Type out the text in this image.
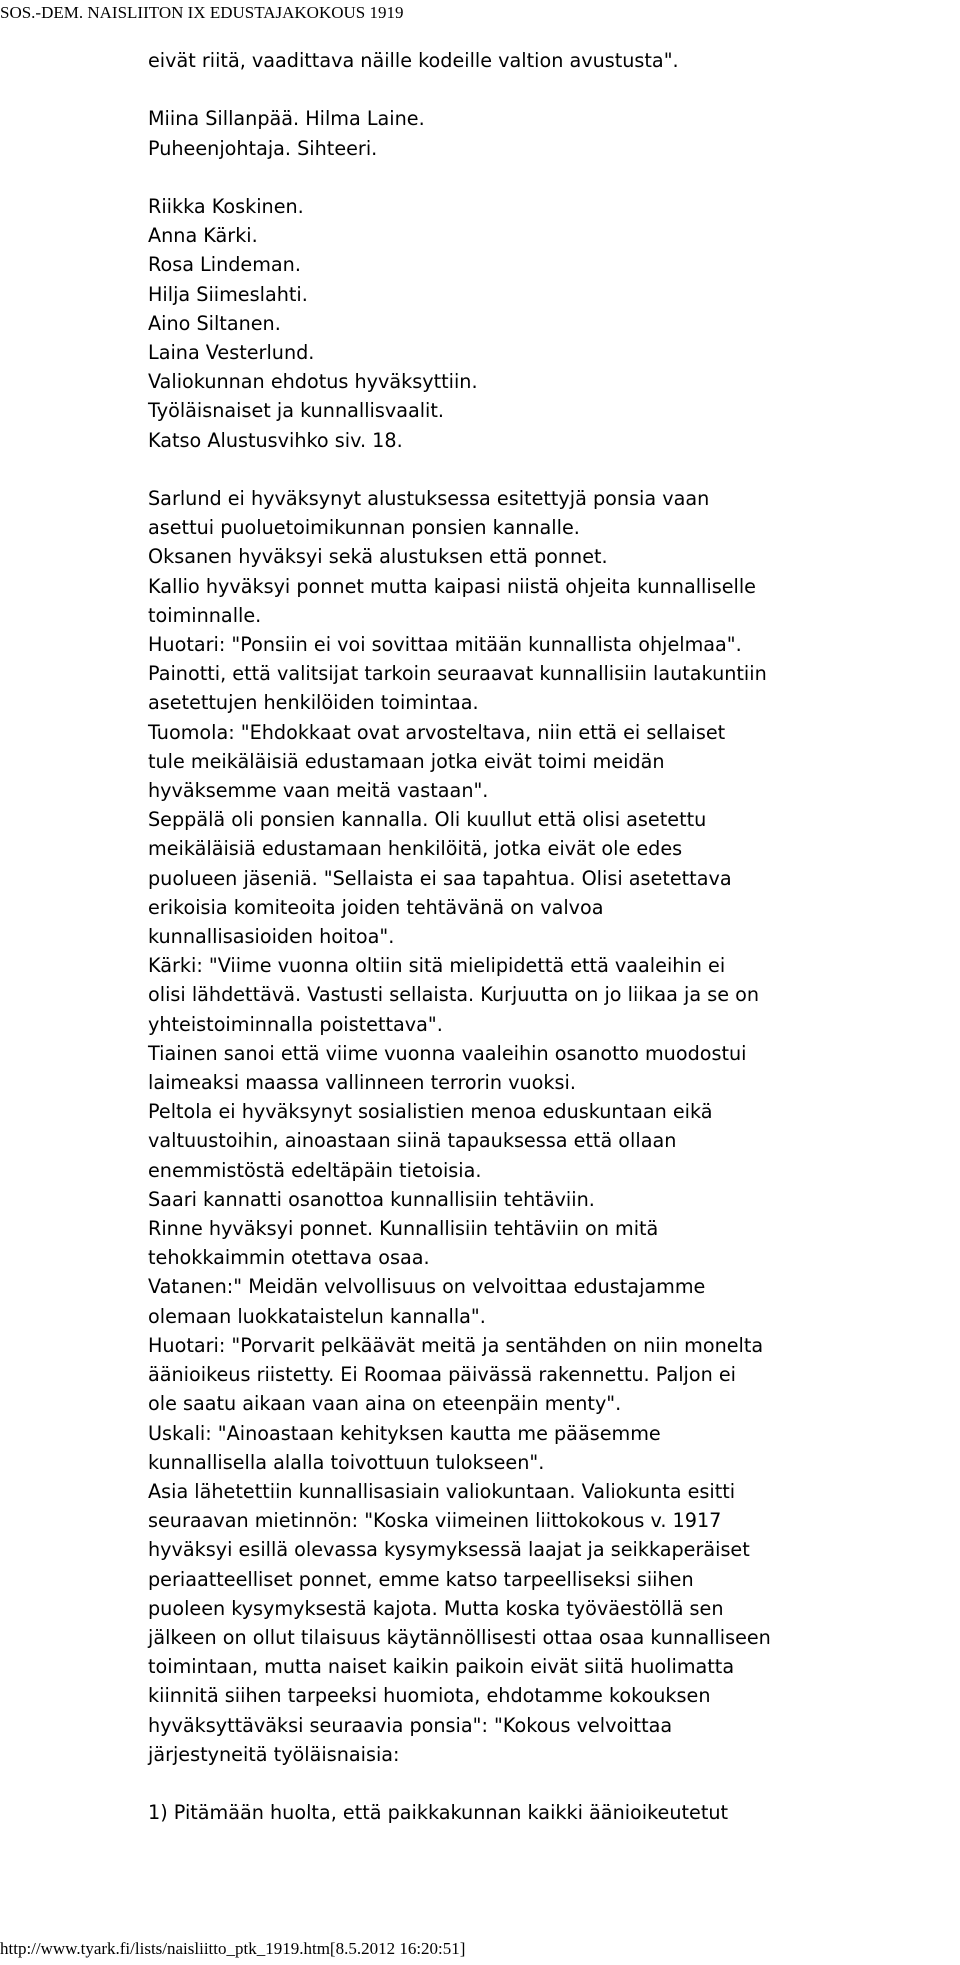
SOS.-DEM. NAISLIITON IX EDUSTAJAKOKOUS 1919

eivät riitä, vaadittava näille kodeille valtion avustusta".

Miina Sillanpää. Hilma Laine.

Puheenjohtaja. Sihteeri.

Riikka Koskinen.

Anna Kärki.

Rosa Lindeman.

Hilja Siimeslahti.

Aino Siltanen.

Laina Vesterlund.

Valiokunnan ehdotus hyväksyttiin.

Työläisnaiset ja kunnallisvaalit.

Katso Alustusvihko siv. 18.

Sarlund ei hyväksynyt alustuksessa esitettyjä ponsia vaan

asettui puoluetoimikunnan ponsien kannalle.

Oksanen hyväksyi sekä alustuksen että ponnet.

Kallio hyväksyi ponnet mutta kaipasi niistä ohjeita kunnalliselle

toiminnalle.

Huotari: "Ponsiin ei voi sovittaa mitään kunnallista ohjelmaa".

Painotti, että valitsijat tarkoin seuraavat kunnallisiin lautakuntiin

asetettujen henkilöiden toimintaa.

Tuomola: "Ehdokkaat ovat arvosteltava, niin että ei sellaiset

tule meikäläisiä edustamaan jotka eivät toimi meidän

hyväksemme vaan meitä vastaan".

Seppälä oli ponsien kannalla. Oli kuullut että olisi asetettu

meikäläisiä edustamaan henkilöitä, jotka eivät ole edes

puolueen jäseniä. "Sellaista ei saa tapahtua. Olisi asetettava

erikoisia komiteoita joiden tehtävänä on valvoa

kunnallisasioiden hoitoa".

Kärki: "Viime vuonna oltiin sitä mielipidettä että vaaleihin ei

olisi lähdettävä. Vastusti sellaista. Kurjuutta on jo liikaa ja se on

yhteistoiminnalla poistettava".

Tiainen sanoi että viime vuonna vaaleihin osanotto muodostui

laimeaksi maassa vallinneen terrorin vuoksi.

Peltola ei hyväksynyt sosialistien menoa eduskuntaan eikä

valtuustoihin, ainoastaan siinä tapauksessa että ollaan

enemmistöstä edeltäpäin tietoisia.

Saari kannatti osanottoa kunnallisiin tehtäviin.

Rinne hyväksyi ponnet. Kunnallisiin tehtäviin on mitä

tehokkaimmin otettava osaa.

Vatanen:" Meidän velvollisuus on velvoittaa edustajamme

olemaan luokkataistelun kannalla".

Huotari: "Porvarit pelkäävät meitä ja sentähden on niin monelta

äänioikeus riistetty. Ei Roomaa päivässä rakennettu. Paljon ei

ole saatu aikaan vaan aina on eteenpäin menty".

Uskali: "Ainoastaan kehityksen kautta me pääsemme

kunnallisella alalla toivottuun tulokseen".

Asia lähetettiin kunnallisasiain valiokuntaan. Valiokunta esitti

seuraavan mietinnön: "Koska viimeinen liittokokous v. 1917

hyväksyi esillä olevassa kysymyksessä laajat ja seikkaperäiset

periaatteelliset ponnet, emme katso tarpeelliseksi siihen

puoleen kysymyksestä kajota. Mutta koska työväestöllä sen

jälkeen on ollut tilaisuus käytännöllisesti ottaa osaa kunnalliseen

toimintaan, mutta naiset kaikin paikoin eivät siitä huolimatta

kiinnitä siihen tarpeeksi huomiota, ehdotamme kokouksen

hyväksyttäväksi seuraavia ponsia": "Kokous velvoittaa

järjestyneitä työläisnaisia:

1) Pitämään huolta, että paikkakunnan kaikki äänioikeutetut

http://www.tyark.fi/lists/naisliitto_ptk_1919.htm[8.5.2012 16:20:51]
